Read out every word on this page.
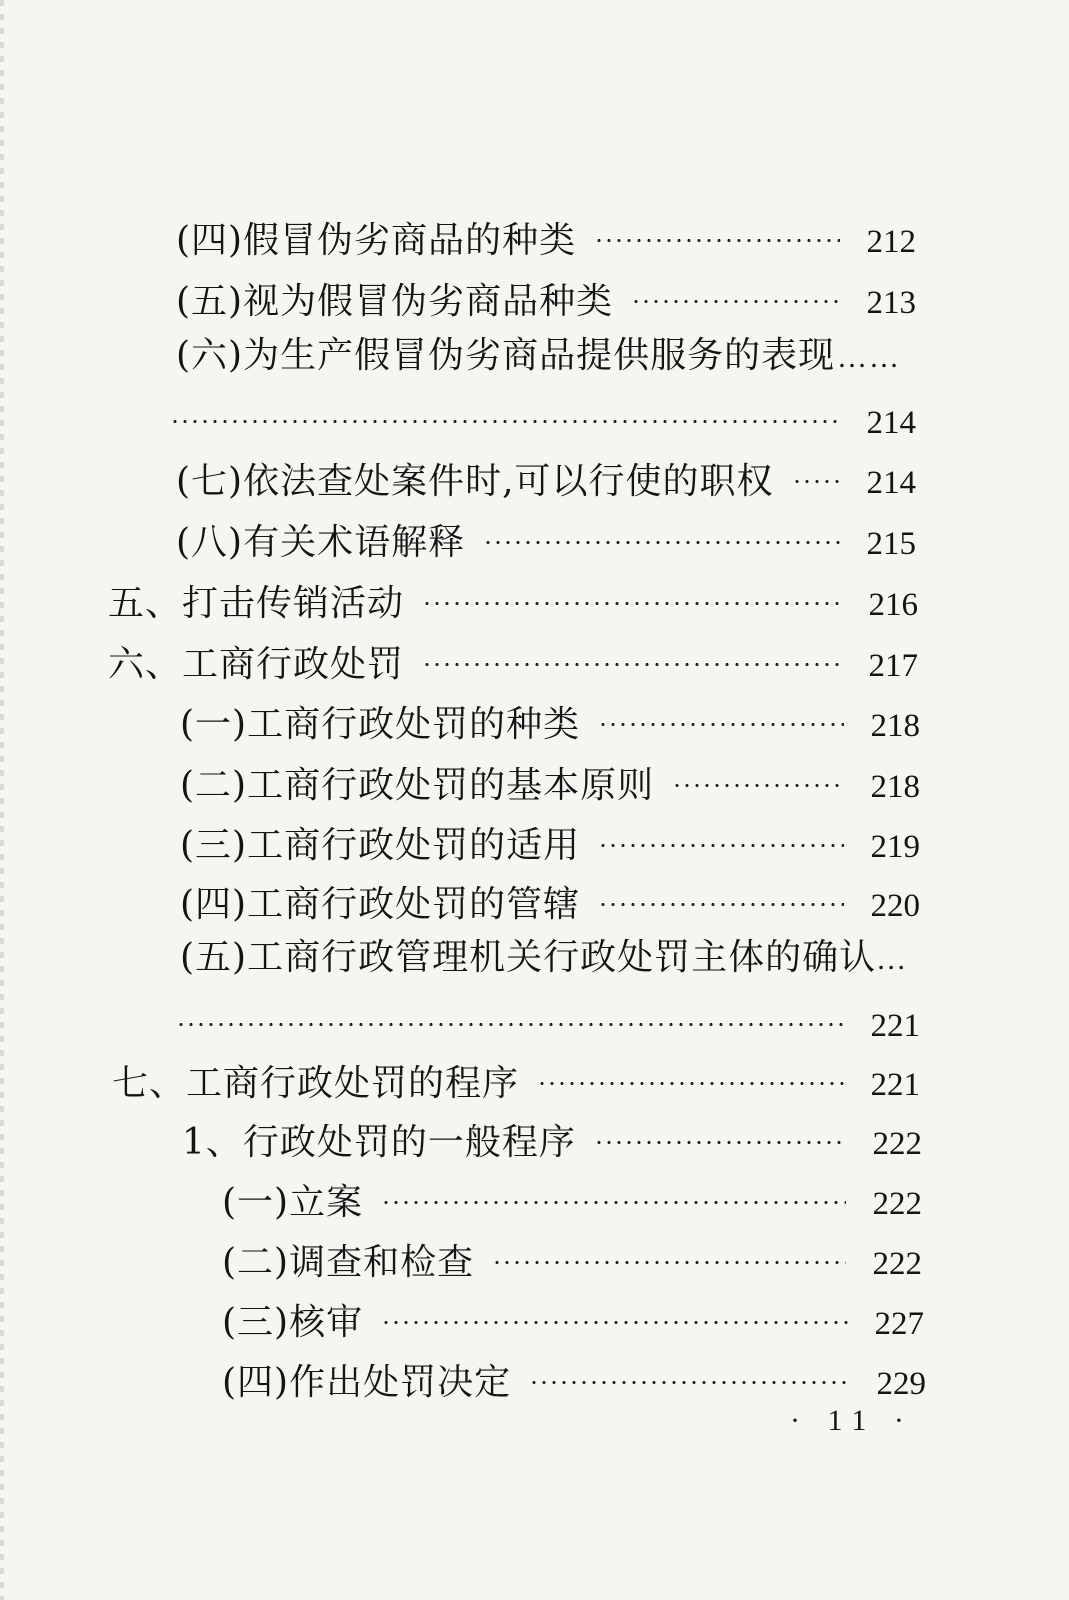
(四)假冒伪劣商品的种类	212
(五)视为假冒伪劣商品种类	213
(六)为生产假冒伪劣商品提供服务的表现 ……
214
(七)依法查处案件时,可以行使的职权	214
(八)有关术语解释	215
五、打击传销活动	216
六、工商行政处罚	217
(一)工商行政处罚的种类	218
(二)工商行政处罚的基本原则	218
(三)工商行政处罚的适用	219
(四)工商行政处罚的管辖	220
(五)工商行政管理机关行政处罚主体的确认 …
221
七、工商行政处罚的程序	221
1、行政处罚的一般程序	222
(一)立案	222
(二)调查和检查	222
(三)核审	227
(四)作出处罚决定	229
· 11 ·
